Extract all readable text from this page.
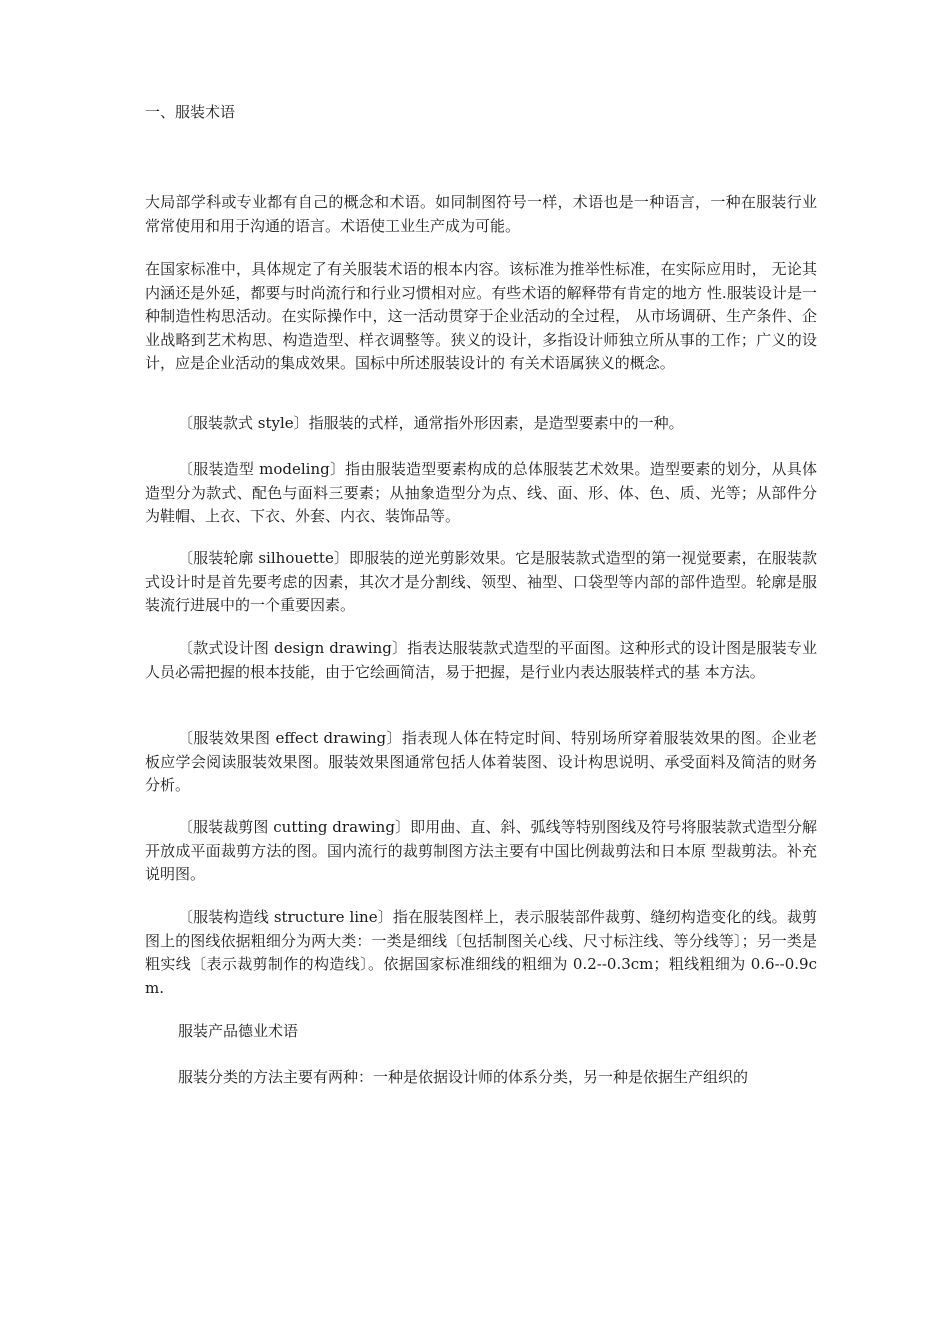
一、服装术语

大局部学科或专业都有自己的概念和术语。如同制图符号一样，术语也是一种语言，一种在服装行业常常使用和用于沟通的语言。术语使工业生产成为可能。

在国家标准中，具体规定了有关服装术语的根本内容。该标准为推举性标准，在实际应用时， 无论其内涵还是外延，都要与时尚流行和行业习惯相对应。有些术语的解释带有肯定的地方 性.服装设计是一种制造性构思活动。在实际操作中，这一活动贯穿于企业活动的全过程， 从市场调研、生产条件、企业战略到艺术构思、构造造型、样衣调整等。狭义的设计，多指设计师独立所从事的工作；广义的设计，应是企业活动的集成效果。国标中所述服装设计的 有关术语属狭义的概念。

〔服装款式 style〕指服装的式样，通常指外形因素，是造型要素中的一种。

〔服装造型 modeling〕指由服装造型要素构成的总体服装艺术效果。造型要素的划分，从具体造型分为款式、配色与面料三要素；从抽象造型分为点、线、面、形、体、色、质、光等；从部件分为鞋帽、上衣、下衣、外套、内衣、装饰品等。

〔服装轮廓 silhouette〕即服装的逆光剪影效果。它是服装款式造型的第一视觉要素，在服装款式设计时是首先要考虑的因素，其次才是分割线、领型、袖型、口袋型等内部的部件造型。轮廓是服装流行进展中的一个重要因素。

〔款式设计图 design drawing〕指表达服装款式造型的平面图。这种形式的设计图是服装专业人员必需把握的根本技能，由于它绘画简洁，易于把握，是行业内表达服装样式的基 本方法。

〔服装效果图 effect drawing〕指表现人体在特定时间、特别场所穿着服装效果的图。企业老板应学会阅读服装效果图。服装效果图通常包括人体着装图、设计构思说明、承受面料及简洁的财务分析。

〔服装裁剪图 cutting drawing〕即用曲、直、斜、弧线等特别图线及符号将服装款式造型分解开放成平面裁剪方法的图。国内流行的裁剪制图方法主要有中国比例裁剪法和日本原 型裁剪法。补充说明图。

〔服装构造线 structure line〕指在服装图样上，表示服装部件裁剪、缝纫构造变化的线。裁剪图上的图线依据粗细分为两大类：一类是细线〔包括制图关心线、尺寸标注线、等分线等〕；另一类是粗实线〔表示裁剪制作的构造线〕。依据国家标准细线的粗细为 0.2--0.3cm；粗线粗细为 0.6--0.9cm.

服装产品德业术语

服装分类的方法主要有两种：一种是依据设计师的体系分类，另一种是依据生产组织的
